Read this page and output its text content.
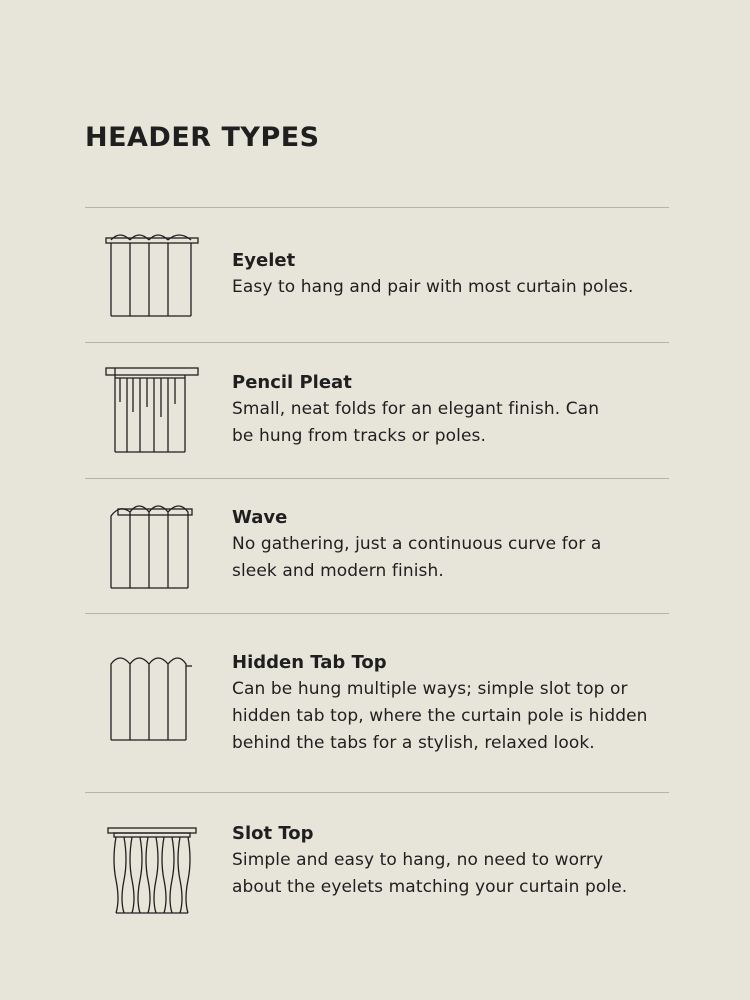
HEADER TYPES

Eyelet

Easy to hang and pair with most curtain poles.

Pencil Pleat

Small, neat folds for an elegant finish. Can

be hung from tracks or poles.

Wave

No gathering, just a continuous curve for a

sleek and modern finish.

Hidden Tab Top

Can be hung multiple ways; simple slot top or

hidden tab top, where the curtain pole is hidden

behind the tabs for a stylish, relaxed look.

Slot Top

Simple and easy to hang, no need to worry

about the eyelets matching your curtain pole.
